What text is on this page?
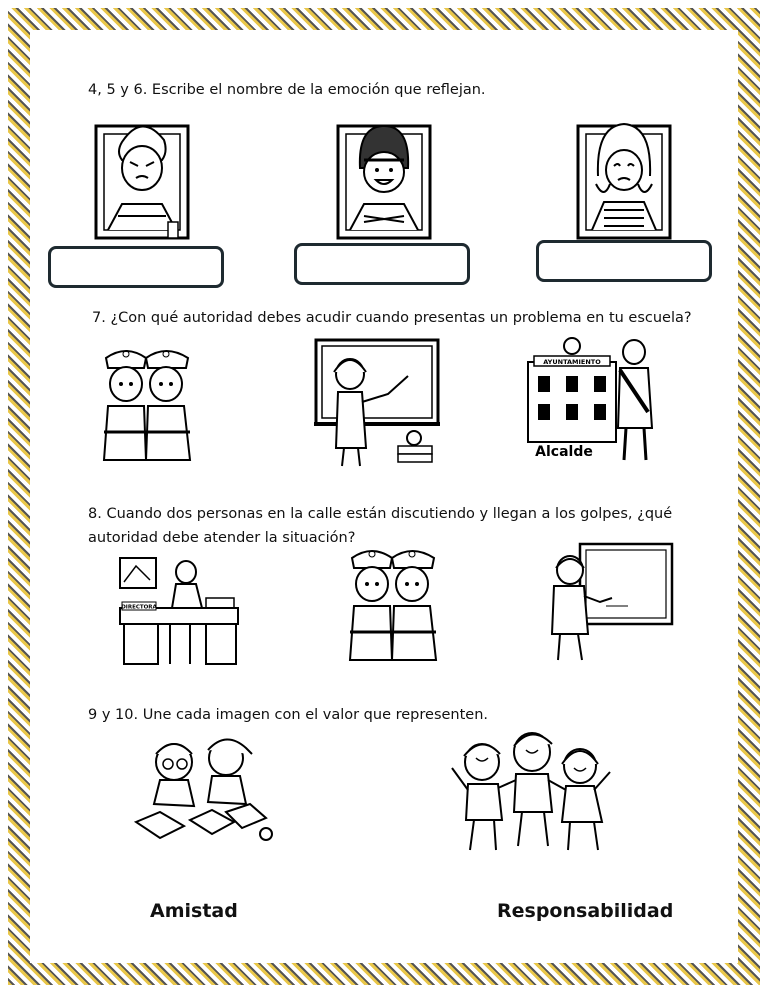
4, 5 y 6. Escribe el nombre de la emoción que reflejan.

7. ¿Con qué autoridad debes acudir cuando presentas un problema en tu escuela?

AYUNTAMIENTO
Alcalde

8. Cuando dos personas en la calle están discutiendo y llegan a los golpes, ¿qué autoridad debe atender la situación?

DIRECTORA

9 y 10. Une cada imagen con el valor que representen.

Amistad	Responsabilidad
